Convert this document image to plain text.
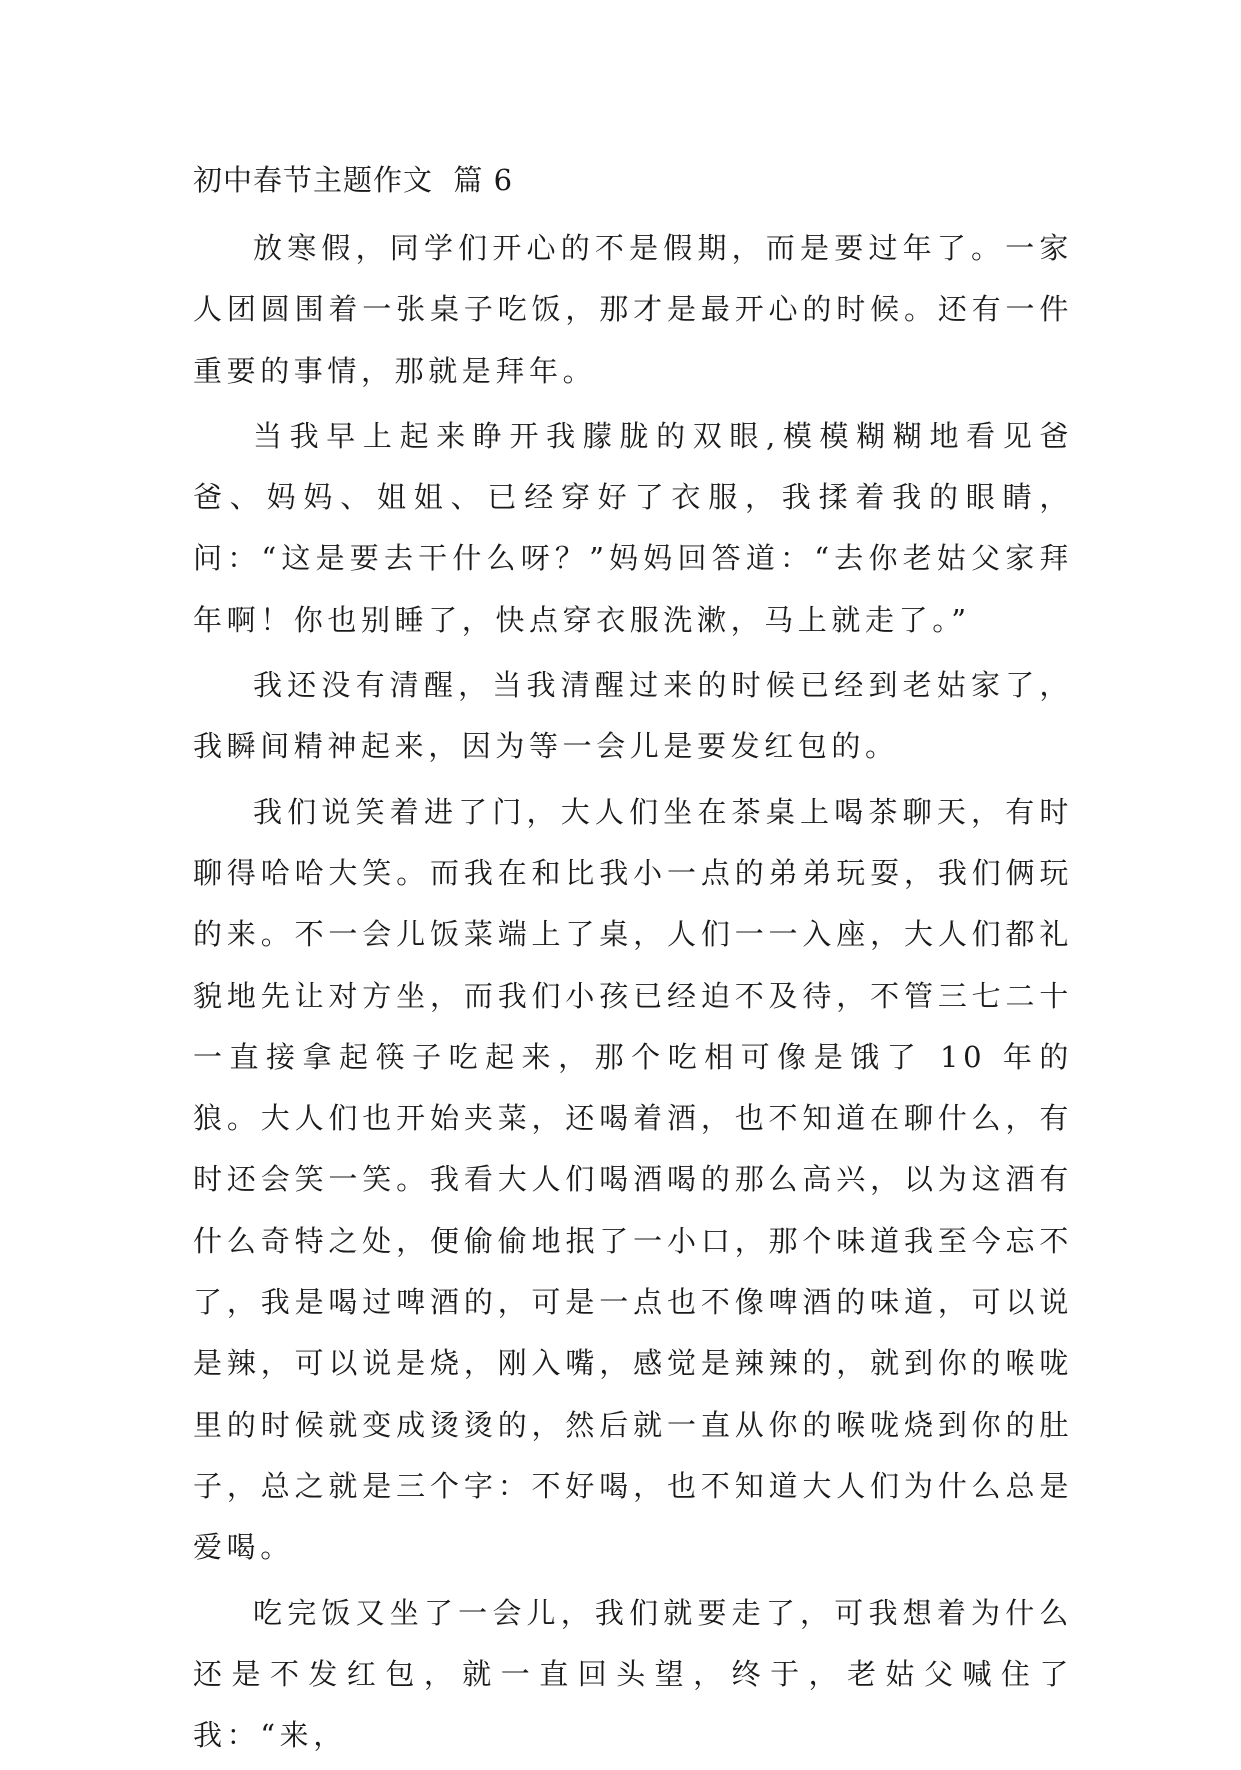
初中春节主题作文  篇 6

放寒假，同学们开心的不是假期，而是要过年了。一家人团圆围着一张桌子吃饭，那才是最开心的时候。还有一件重要的事情，那就是拜年。

当我早上起来睁开我朦胧的双眼,模模糊糊地看见爸爸、妈妈、姐姐、已经穿好了衣服，我揉着我的眼睛，问：“这是要去干什么呀？”妈妈回答道：“去你老姑父家拜年啊！你也别睡了，快点穿衣服洗漱，马上就走了。”

我还没有清醒，当我清醒过来的时候已经到老姑家了，我瞬间精神起来，因为等一会儿是要发红包的。

我们说笑着进了门，大人们坐在茶桌上喝茶聊天，有时聊得哈哈大笑。而我在和比我小一点的弟弟玩耍，我们俩玩的来。不一会儿饭菜端上了桌，人们一一入座，大人们都礼貌地先让对方坐，而我们小孩已经迫不及待，不管三七二十一直接拿起筷子吃起来，那个吃相可像是饿了 10 年的狼。大人们也开始夹菜，还喝着酒，也不知道在聊什么，有时还会笑一笑。我看大人们喝酒喝的那么高兴，以为这酒有什么奇特之处，便偷偷地抿了一小口，那个味道我至今忘不了，我是喝过啤酒的，可是一点也不像啤酒的味道，可以说是辣，可以说是烧，刚入嘴，感觉是辣辣的，就到你的喉咙里的时候就变成烫烫的，然后就一直从你的喉咙烧到你的肚子，总之就是三个字：不好喝，也不知道大人们为什么总是爱喝。

吃完饭又坐了一会儿，我们就要走了，可我想着为什么还是不发红包，就一直回头望，终于，老姑父喊住了我：“来，
